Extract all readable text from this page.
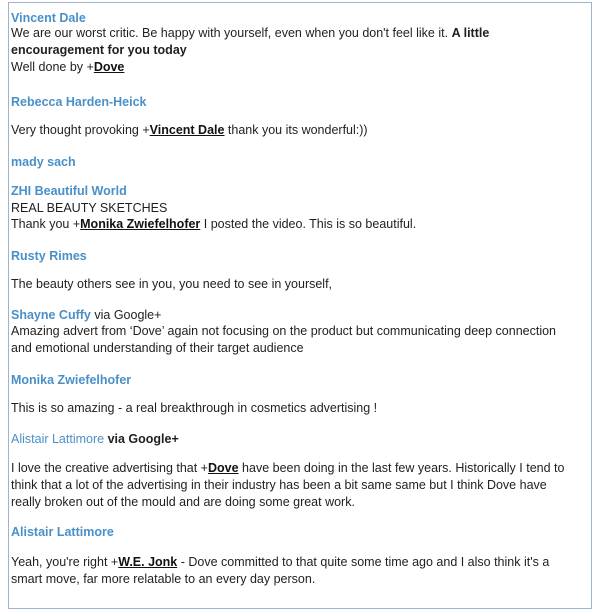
Vincent Dale
We are our worst critic. Be happy with yourself, even when you don't feel like it. A little
encouragement for you today
Well done by +Dove
Rebecca Harden-Heick
Very thought provoking +Vincent Dale thank you its wonderful:))
mady sach
ZHI Beautiful World
REAL BEAUTY SKETCHES
Thank you +Monika Zwiefelhofer I posted the video. This is so beautiful.
Rusty Rimes
The beauty others see in you, you need to see in yourself,
Shayne Cuffy via Google+
Amazing advert from ‘Dove’ again not focusing on the product but communicating deep connection
and emotional understanding of their target audience
Monika Zwiefelhofer
This is so amazing - a real breakthrough in cosmetics advertising !
Alistair Lattimore via Google+
I love the creative advertising that +Dove have been doing in the last few years. Historically I tend to
think that a lot of the advertising in their industry has been a bit same same but I think Dove have
really broken out of the mould and are doing some great work.
Alistair Lattimore
Yeah, you're right +W.E. Jonk - Dove committed to that quite some time ago and I also think it's a
smart move, far more relatable to an every day person.
